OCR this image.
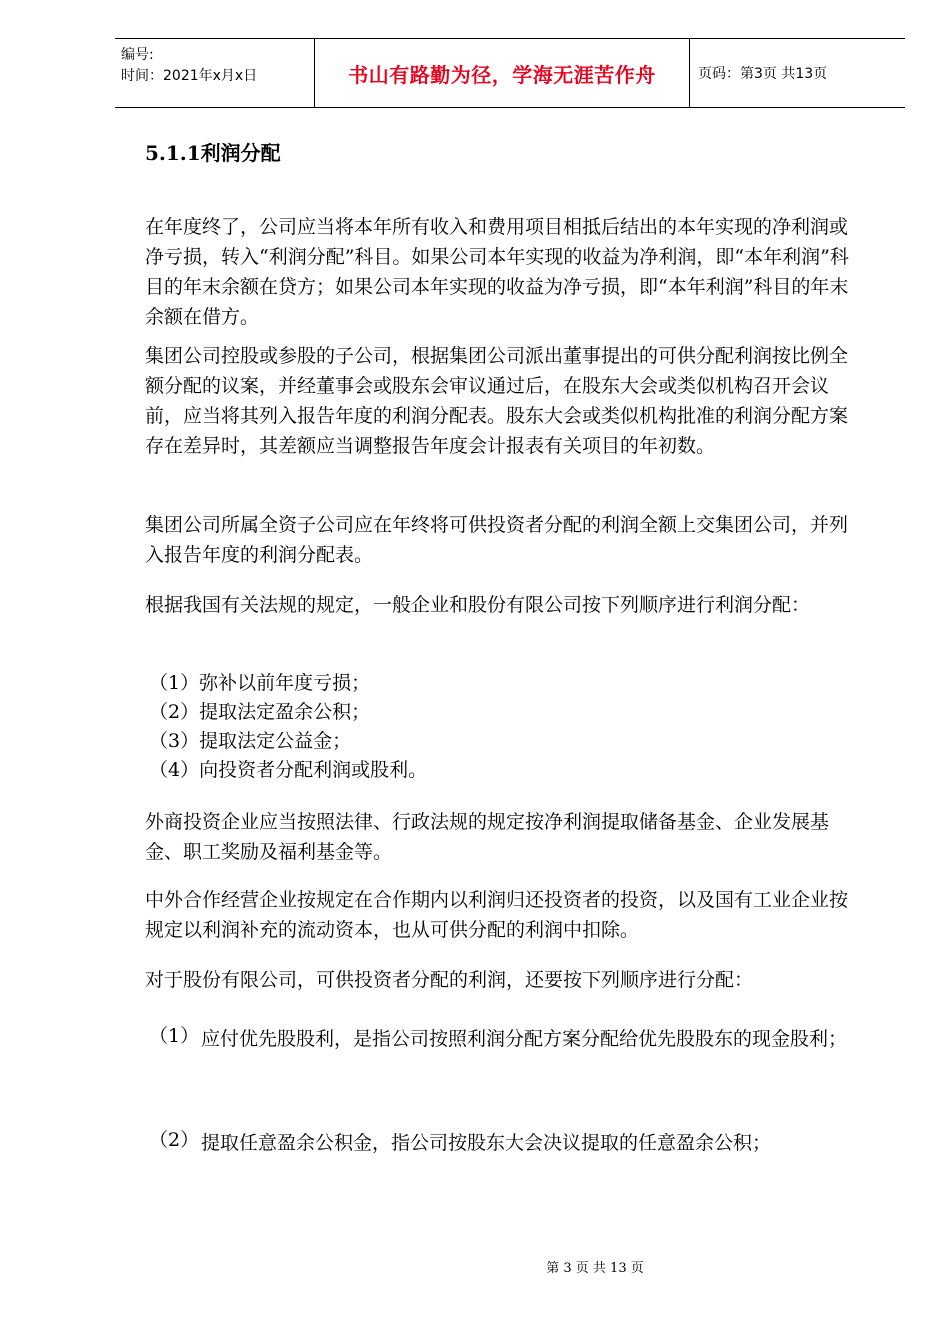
编号:
时间：2021年x月x日	书山有路勤为径，学海无涯苦作舟	页码：第3页 共13页
5.1.1利润分配

在年度终了，公司应当将本年所有收入和费用项目相抵后结出的本年实现的净利润或净亏损，转入“利润分配”科目。如果公司本年实现的收益为净利润，即“本年利润”科目的年末余额在贷方；如果公司本年实现的收益为净亏损，即“本年利润”科目的年末余额在借方。

集团公司控股或参股的子公司，根据集团公司派出董事提出的可供分配利润按比例全额分配的议案，并经董事会或股东会审议通过后，在股东大会或类似机构召开会议前，应当将其列入报告年度的利润分配表。股东大会或类似机构批准的利润分配方案存在差异时，其差额应当调整报告年度会计报表有关项目的年初数。

集团公司所属全资子公司应在年终将可供投资者分配的利润全额上交集团公司，并列入报告年度的利润分配表。

根据我国有关法规的规定，一般企业和股份有限公司按下列顺序进行利润分配：

（1）弥补以前年度亏损；

（2）提取法定盈余公积；

（3）提取法定公益金；

（4）向投资者分配利润或股利。

外商投资企业应当按照法律、行政法规的规定按净利润提取储备基金、企业发展基金、职工奖励及福利基金等。

中外合作经营企业按规定在合作期内以利润归还投资者的投资，以及国有工业企业按规定以利润补充的流动资本，也从可供分配的利润中扣除。

对于股份有限公司，可供投资者分配的利润，还要按下列顺序进行分配：

（1） 应付优先股股利，是指公司按照利润分配方案分配给优先股股东的现金股利；
（2） 提取任意盈余公积金，指公司按股东大会决议提取的任意盈余公积；
第 3 页 共 13 页
